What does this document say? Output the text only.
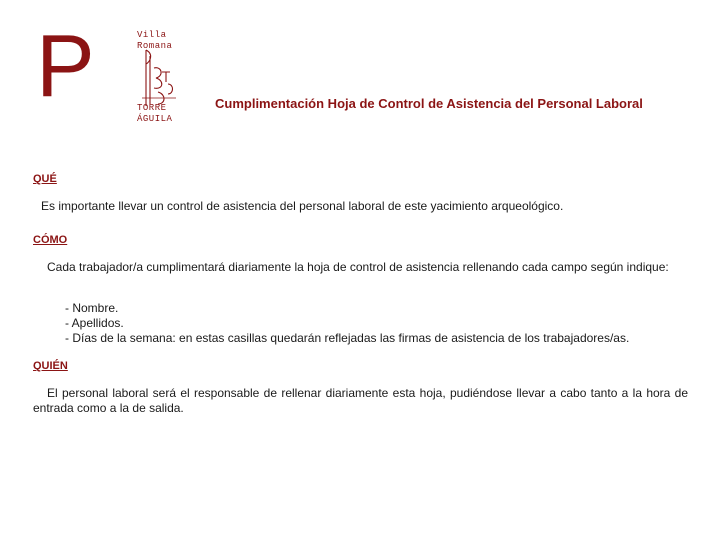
P	Villa
Romana
TORRE
ÁGUILA
Cumplimentación Hoja de Control de Asistencia del Personal Laboral
QUÉ
Es importante llevar un control de asistencia del personal laboral de este yacimiento arqueológico.
CÓMO
Cada trabajador/a cumplimentará diariamente la hoja de control de asistencia rellenando cada campo según indique:
- Nombre.
- Apellidos.
- Días de la semana: en estas casillas quedarán reflejadas las firmas de asistencia de los trabajadores/as.
QUIÉN
El personal laboral será el responsable de rellenar diariamente esta hoja, pudiéndose llevar a cabo tanto a la hora de entrada como a la de salida.
